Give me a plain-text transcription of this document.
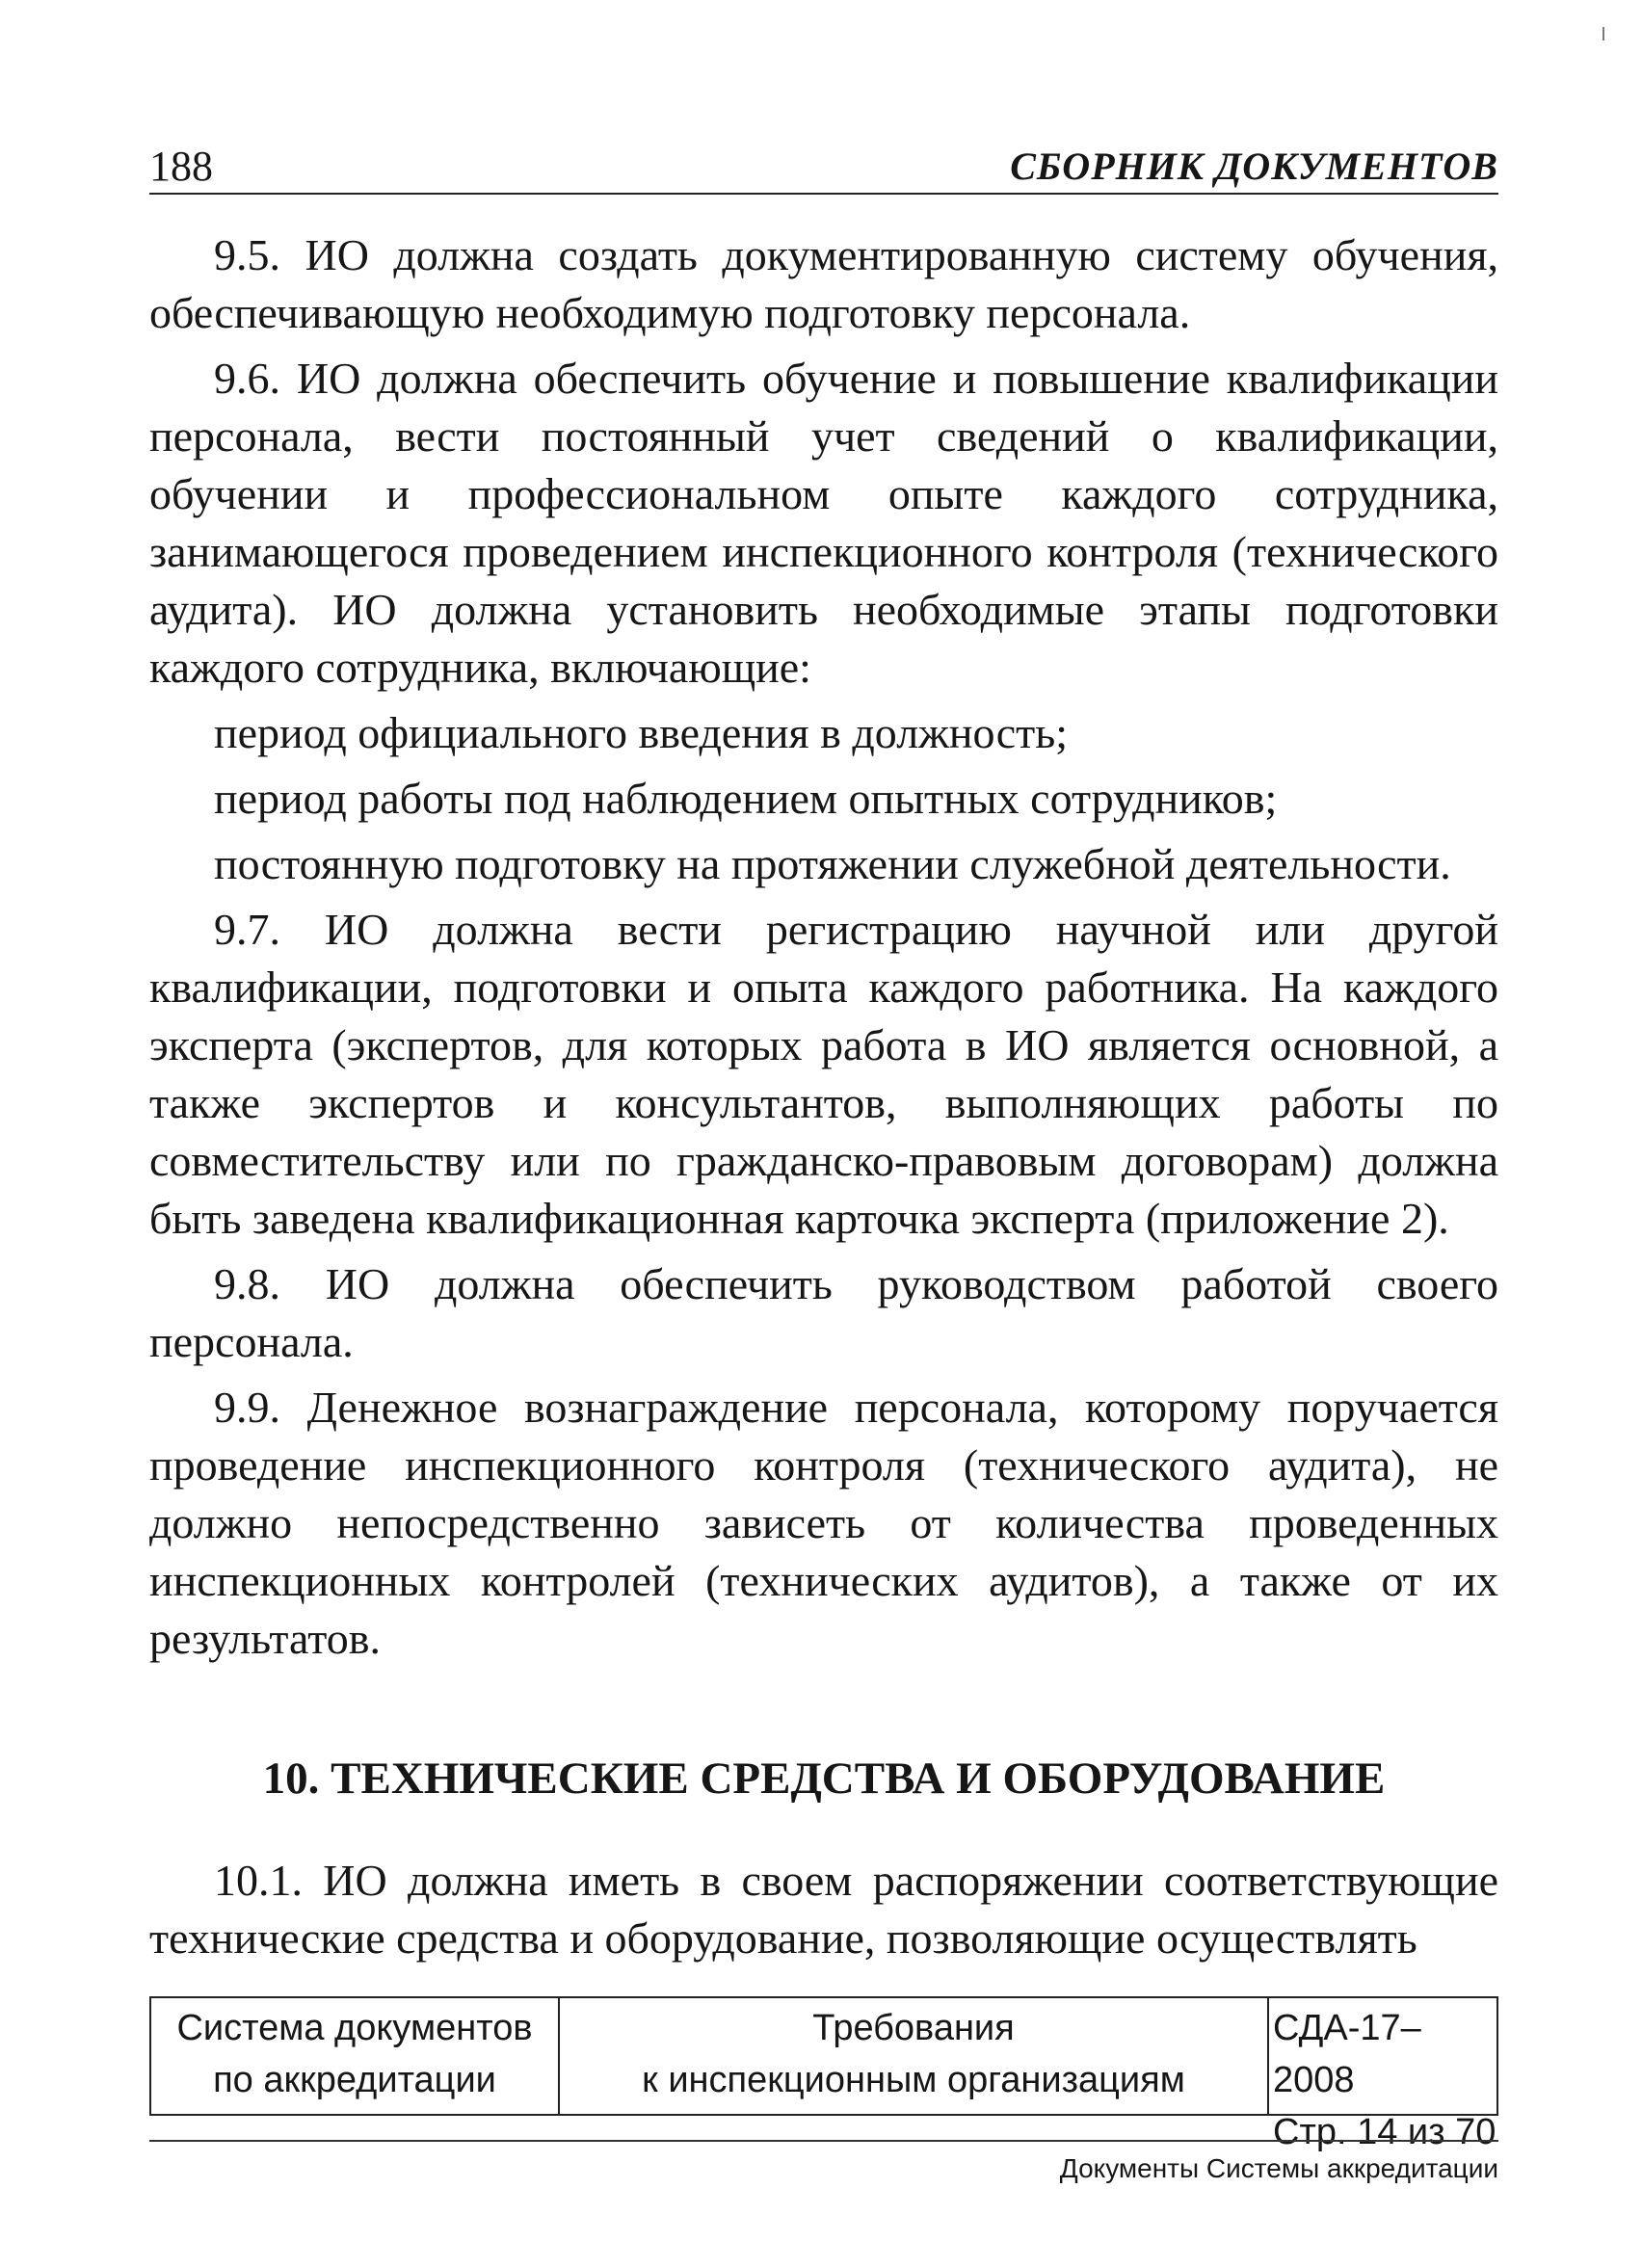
188	СБОРНИК ДОКУМЕНТОВ

9.5. ИО должна создать документированную систему обучения, обеспечивающую необходимую подготовку персонала.

9.6. ИО должна обеспечить обучение и повышение квалификации персонала, вести постоянный учет сведений о квалификации, обучении и профессиональном опыте каждого сотрудника, занимающегося проведением инспекционного контроля (технического аудита). ИО должна установить необходимые этапы подготовки каждого сотрудника, включающие:

период официального введения в должность;

период работы под наблюдением опытных сотрудников;

постоянную подготовку на протяжении служебной деятельности.

9.7. ИО должна вести регистрацию научной или другой квалификации, подготовки и опыта каждого работника. На каждого эксперта (экспертов, для которых работа в ИО является основной, а также экспертов и консультантов, выполняющих работы по совместительству или по гражданско-правовым договорам) должна быть заведена квалификационная карточка эксперта (приложение 2).

9.8. ИО должна обеспечить руководством работой своего персонала.

9.9. Денежное вознаграждение персонала, которому поручается проведение инспекционного контроля (технического аудита), не должно непосредственно зависеть от количества проведенных инспекционных контролей (технических аудитов), а также от их результатов.

10. ТЕХНИЧЕСКИЕ СРЕДСТВА И ОБОРУДОВАНИЕ

10.1. ИО должна иметь в своем распоряжении соответствующие технические средства и оборудование, позволяющие осуществлять

Система документов
по аккредитации
Требования
к инспекционным организациям
СДА-17–2008
Стр. 14 из 70
Документы Системы аккредитации
